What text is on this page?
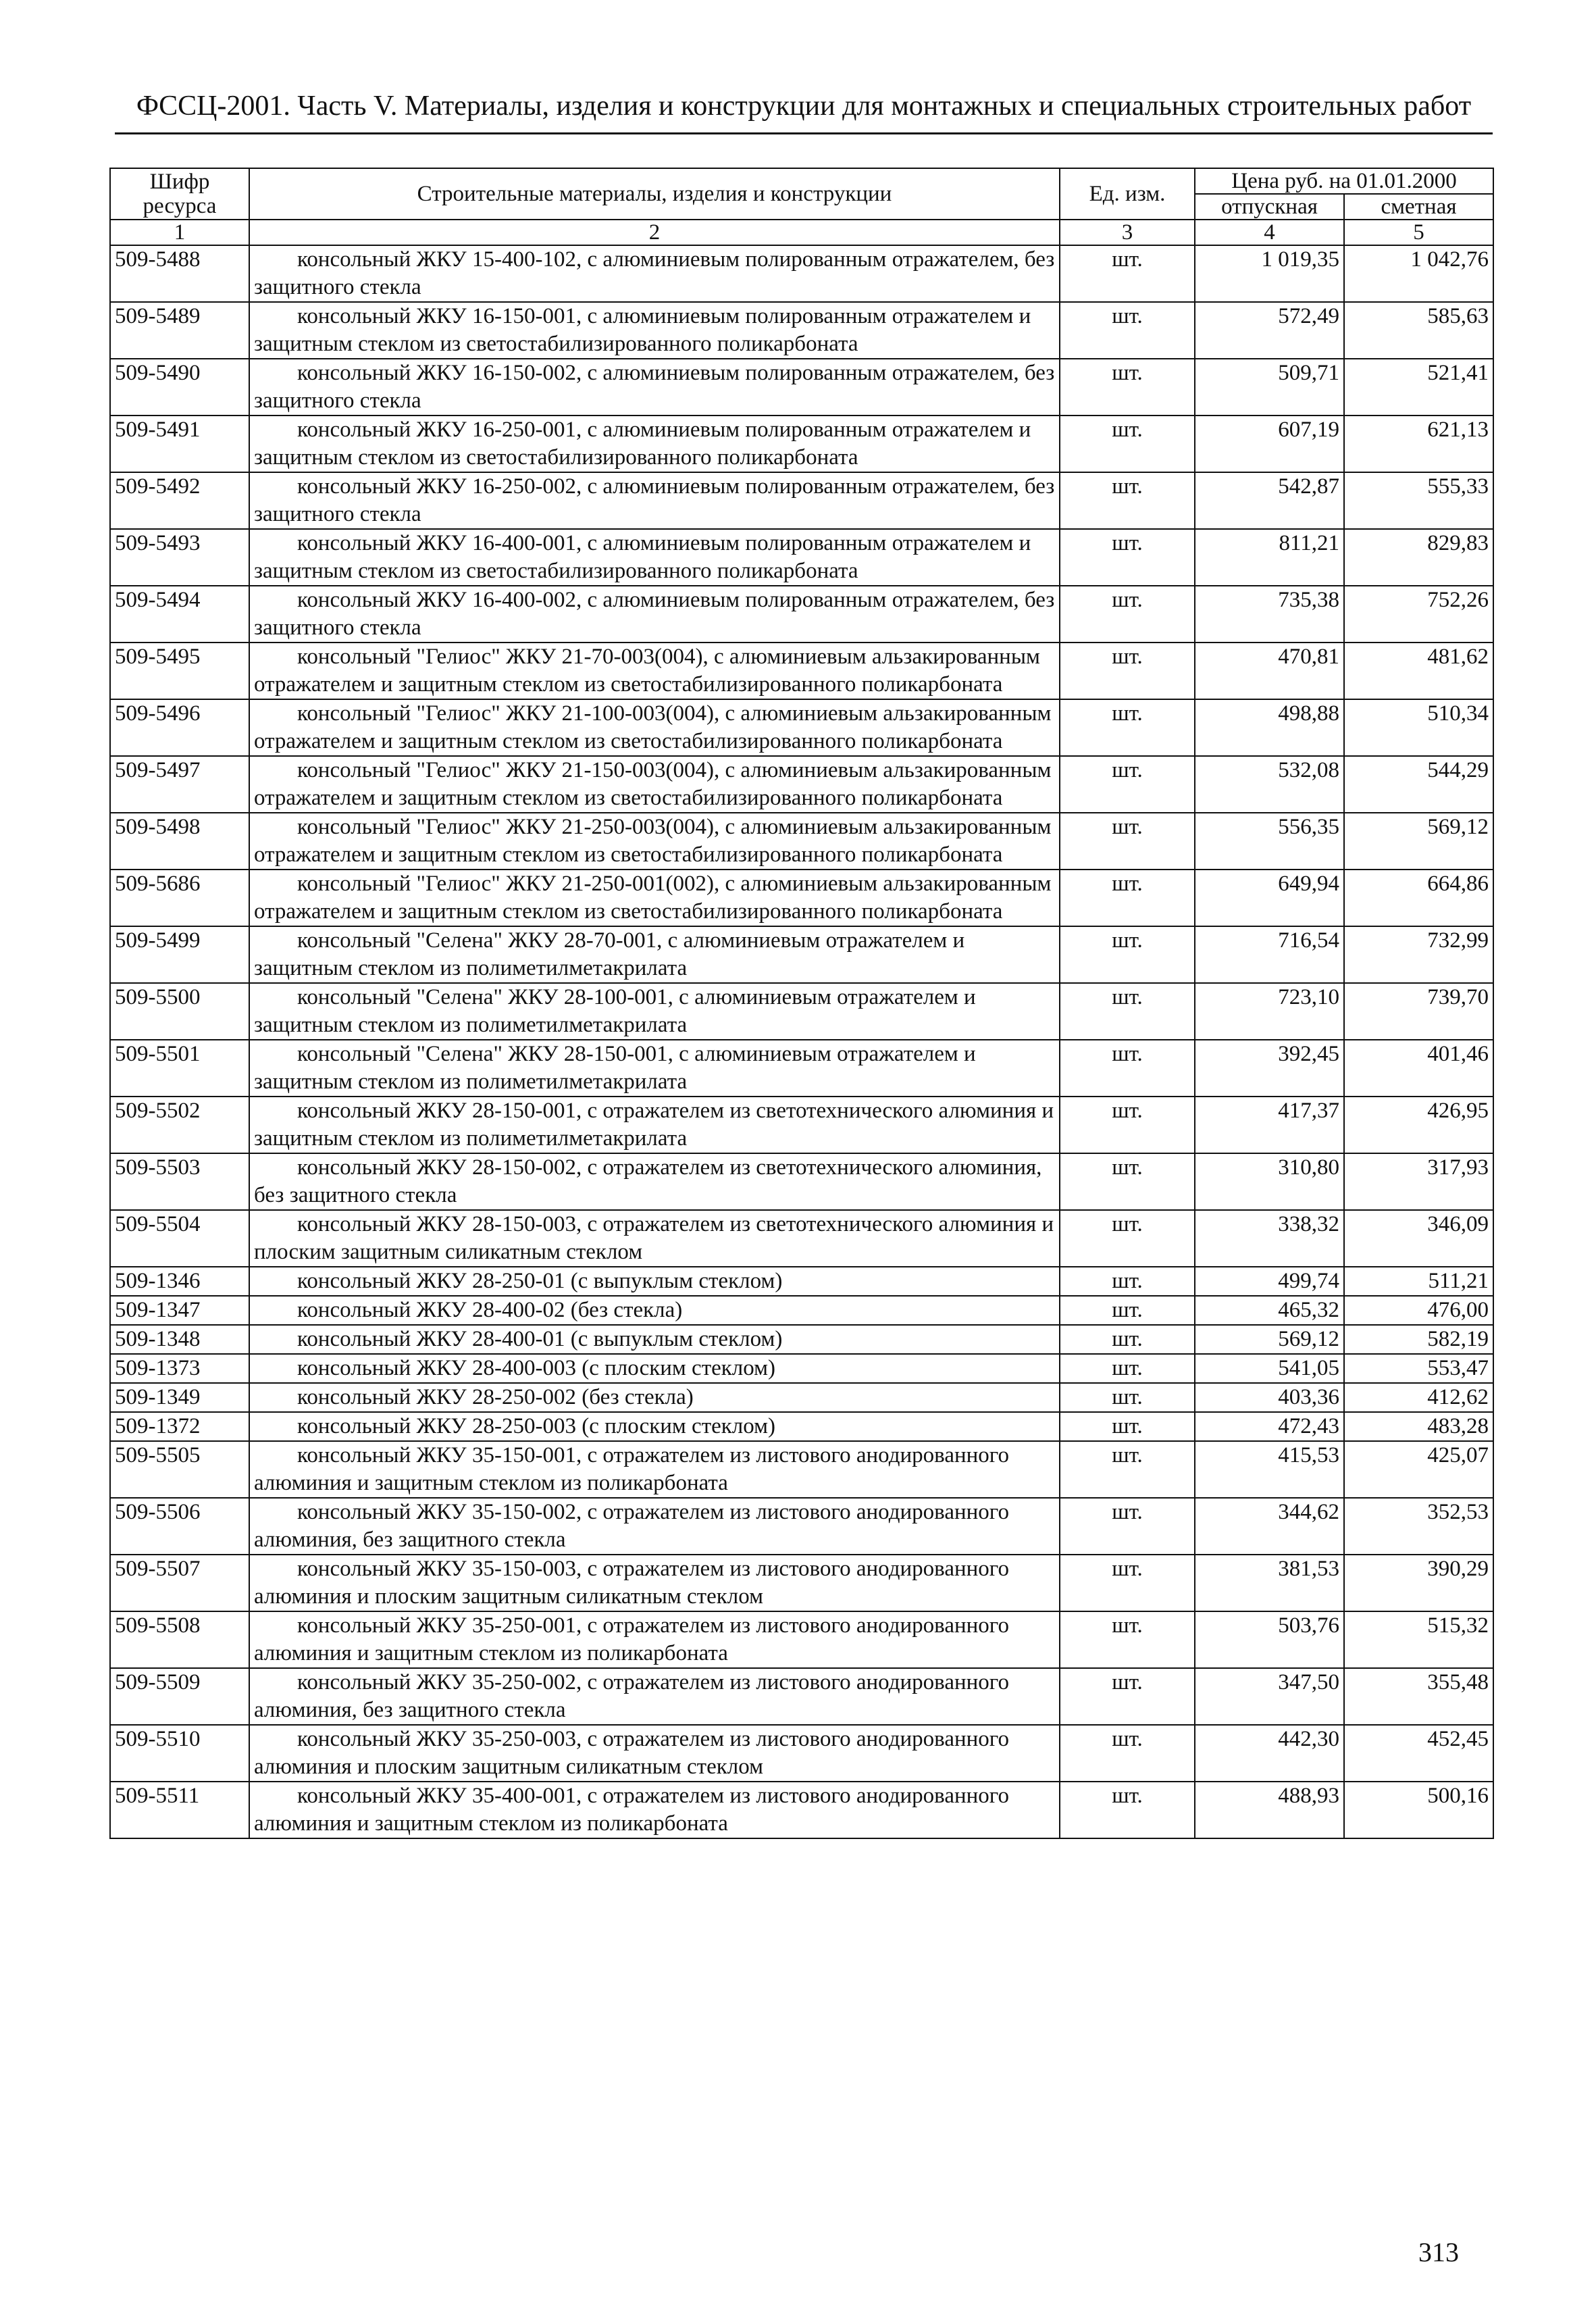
ФССЦ-2001. Часть V. Материалы, изделия и конструкции для монтажных и специальных строительных работ
Шифр ресурса	Строительные материалы, изделия и конструкции	Ед. изм.	Цена руб. на 01.01.2000	
			отпускная	сметная
1	2	3	4	5
509-5488	консольный ЖКУ 15-400-102, с алюминиевым полированным отражателем, без защитного стекла	шт.	1 019,35	1 042,76
509-5489	консольный ЖКУ 16-150-001, с алюминиевым полированным отражателем и защитным стеклом из светостабилизированного поликарбоната	шт.	572,49	585,63
509-5490	консольный ЖКУ 16-150-002, с алюминиевым полированным отражателем, без защитного стекла	шт.	509,71	521,41
509-5491	консольный ЖКУ 16-250-001, с алюминиевым полированным отражателем и защитным стеклом из светостабилизированного поликарбоната	шт.	607,19	621,13
509-5492	консольный ЖКУ 16-250-002, с алюминиевым полированным отражателем, без защитного стекла	шт.	542,87	555,33
509-5493	консольный ЖКУ 16-400-001, с алюминиевым полированным отражателем и защитным стеклом из светостабилизированного поликарбоната	шт.	811,21	829,83
509-5494	консольный ЖКУ 16-400-002, с алюминиевым полированным отражателем, без защитного стекла	шт.	735,38	752,26
509-5495	консольный "Гелиос" ЖКУ 21-70-003(004), с алюминиевым альзакированным отражателем и защитным стеклом из светостабилизированного поликарбоната	шт.	470,81	481,62
509-5496	консольный "Гелиос" ЖКУ 21-100-003(004), с алюминиевым альзакированным отражателем и защитным стеклом из светостабилизированного поликарбоната	шт.	498,88	510,34
509-5497	консольный "Гелиос" ЖКУ 21-150-003(004), с алюминиевым альзакированным отражателем и защитным стеклом из светостабилизированного поликарбоната	шт.	532,08	544,29
509-5498	консольный "Гелиос" ЖКУ 21-250-003(004), с алюминиевым альзакированным отражателем и защитным стеклом из светостабилизированного поликарбоната	шт.	556,35	569,12
509-5686	консольный "Гелиос" ЖКУ 21-250-001(002), с алюминиевым альзакированным отражателем и защитным стеклом из светостабилизированного поликарбоната	шт.	649,94	664,86
509-5499	консольный "Селена" ЖКУ 28-70-001, с алюминиевым отражателем и защитным стеклом из полиметилметакрилата	шт.	716,54	732,99
509-5500	консольный "Селена" ЖКУ 28-100-001, с алюминиевым отражателем и защитным стеклом из полиметилметакрилата	шт.	723,10	739,70
509-5501	консольный "Селена" ЖКУ 28-150-001, с алюминиевым отражателем и защитным стеклом из полиметилметакрилата	шт.	392,45	401,46
509-5502	консольный ЖКУ 28-150-001, с отражателем из светотехнического алюминия и защитным стеклом из полиметилметакрилата	шт.	417,37	426,95
509-5503	консольный ЖКУ 28-150-002, с отражателем из светотехнического алюминия, без защитного стекла	шт.	310,80	317,93
509-5504	консольный ЖКУ 28-150-003, с отражателем из светотехнического алюминия и плоским защитным силикатным стеклом	шт.	338,32	346,09
509-1346	консольный ЖКУ 28-250-01 (с выпуклым стеклом)	шт.	499,74	511,21
509-1347	консольный ЖКУ 28-400-02 (без стекла)	шт.	465,32	476,00
509-1348	консольный ЖКУ 28-400-01 (с выпуклым стеклом)	шт.	569,12	582,19
509-1373	консольный ЖКУ 28-400-003 (с плоским стеклом)	шт.	541,05	553,47
509-1349	консольный ЖКУ 28-250-002 (без стекла)	шт.	403,36	412,62
509-1372	консольный ЖКУ 28-250-003 (с плоским стеклом)	шт.	472,43	483,28
509-5505	консольный ЖКУ 35-150-001, с отражателем из листового анодированного алюминия и защитным стеклом из поликарбоната	шт.	415,53	425,07
509-5506	консольный ЖКУ 35-150-002, с отражателем из листового анодированного алюминия, без защитного стекла	шт.	344,62	352,53
509-5507	консольный ЖКУ 35-150-003, с отражателем из листового анодированного алюминия и плоским защитным силикатным стеклом	шт.	381,53	390,29
509-5508	консольный ЖКУ 35-250-001, с отражателем из листового анодированного алюминия и защитным стеклом из поликарбоната	шт.	503,76	515,32
509-5509	консольный ЖКУ 35-250-002, с отражателем из листового анодированного алюминия, без защитного стекла	шт.	347,50	355,48
509-5510	консольный ЖКУ 35-250-003, с отражателем из листового анодированного алюминия и плоским защитным силикатным стеклом	шт.	442,30	452,45
509-5511	консольный ЖКУ 35-400-001, с отражателем из листового анодированного алюминия и защитным стеклом из поликарбоната	шт.	488,93	500,16
313
